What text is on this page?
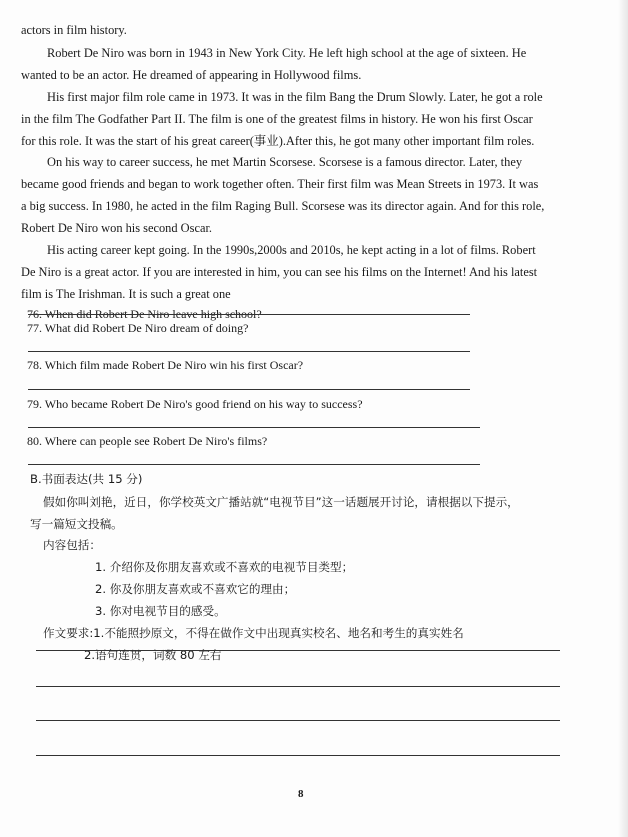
actors in film history.
Robert De Niro was born in 1943 in New York City. He left high school at the age of sixteen. He
wanted to be an actor. He dreamed of appearing in Hollywood films.
His first major film role came in 1973. It was in the film Bang the Drum Slowly. Later, he got a role
in the film The Godfather Part II. The film is one of the greatest films in history. He won his first Oscar
for this role. It was the start of his great career(事业).After this, he got many other important film roles.
On his way to career success, he met Martin Scorsese. Scorsese is a famous director. Later, they
became good friends and began to work together often. Their first film was Mean Streets in 1973. It was
a big success. In 1980, he acted in the film Raging Bull. Scorsese was its director again. And for this role,
Robert De Niro won his second Oscar.
His acting career kept going. In the 1990s,2000s and 2010s, he kept acting in a lot of films. Robert
De Niro is a great actor. If you are interested in him, you can see his films on the Internet! And his latest
film is The Irishman. It is such a great one
76. When did Robert De Niro leave high school?
77. What did Robert De Niro dream of doing?
78. Which film made Robert De Niro win his first Oscar?
79. Who became Robert De Niro's good friend on his way to success?
80. Where can people see Robert De Niro's films?
B.书面表达(共 15 分)
假如你叫刘艳，近日，你学校英文广播站就“电视节目”这一话题展开讨论，请根据以下提示，
写一篇短文投稿。
内容包括：
1. 介绍你及你朋友喜欢或不喜欢的电视节目类型；
2. 你及你朋友喜欢或不喜欢它的理由；
3. 你对电视节目的感受。
作文要求:1.不能照抄原文，不得在做作文中出现真实校名、地名和考生的真实姓名
2.语句连贯，词数 80 左右
8
